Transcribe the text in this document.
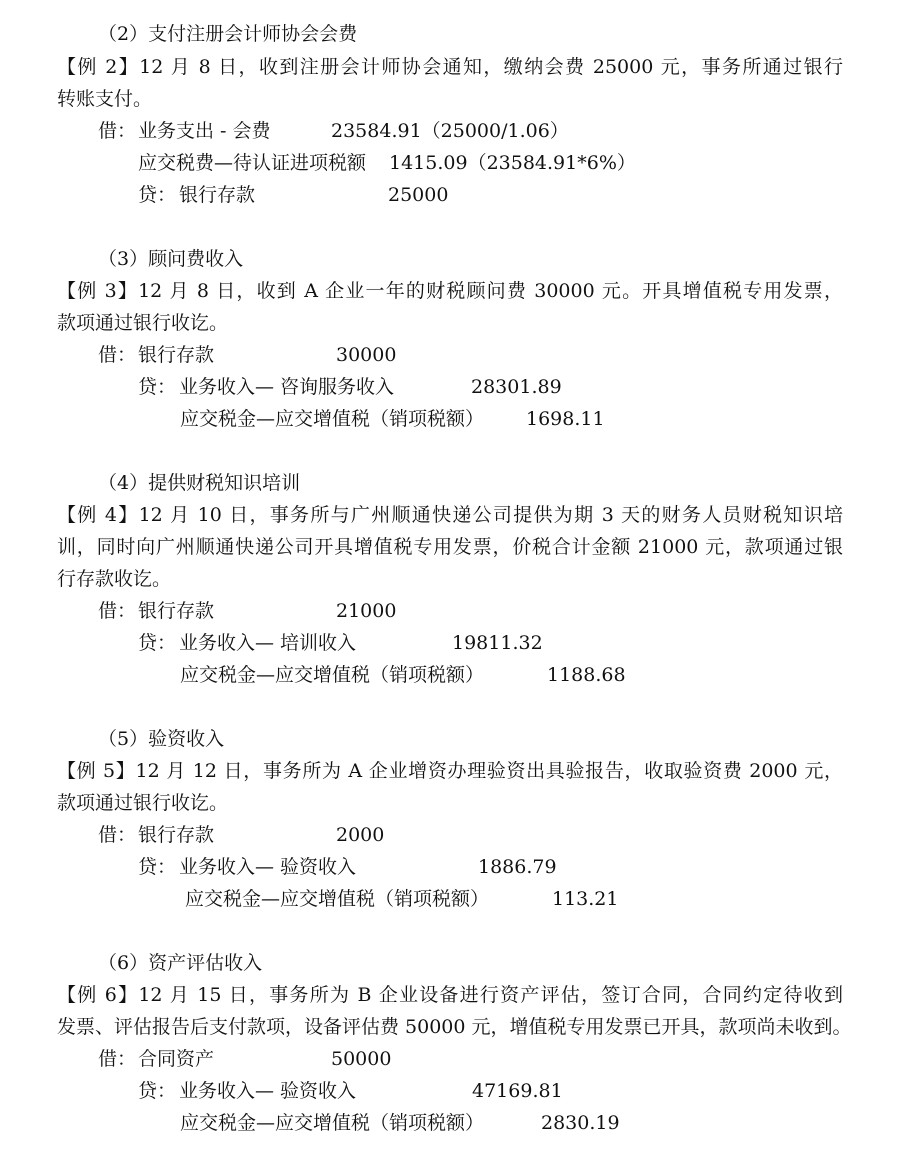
（2）支付注册会计师协会会费
【例 2】12 月 8 日，收到注册会计师协会通知，缴纳会费 25000 元，事务所通过银行
转账支付。
借： 业务支出 - 会费	23584.91（25000/1.06）
应交税费—待认证进项税额 1415.09（23584.91*6%）
贷： 银行存款	25000
（3）顾问费收入
【例 3】12 月 8 日，收到 A 企业一年的财税顾问费 30000 元。开具增值税专用发票，
款项通过银行收讫。
借： 银行存款	30000
贷： 业务收入— 咨询服务收入	28301.89
应交税金—应交增值税（销项税额） 1698.11
（4）提供财税知识培训
【例 4】12 月 10 日，事务所与广州顺通快递公司提供为期 3 天的财务人员财税知识培
训，同时向广州顺通快递公司开具增值税专用发票，价税合计金额 21000 元，款项通过银
行存款收讫。
借： 银行存款	21000
贷： 业务收入— 培训收入	19811.32
应交税金—应交增值税（销项税额）	1188.68
（5）验资收入
【例 5】12 月 12 日，事务所为 A 企业增资办理验资出具验报告，收取验资费 2000 元，
款项通过银行收讫。
借： 银行存款	2000
贷： 业务收入— 验资收入	1886.79
应交税金—应交增值税（销项税额）	113.21
（6）资产评估收入
【例 6】12 月 15 日，事务所为 B 企业设备进行资产评估，签订合同，合同约定待收到
发票、评估报告后支付款项，设备评估费 50000 元，增值税专用发票已开具，款项尚未收到。
借： 合同资产	50000
贷： 业务收入— 验资收入	47169.81
应交税金—应交增值税（销项税额）	2830.19
